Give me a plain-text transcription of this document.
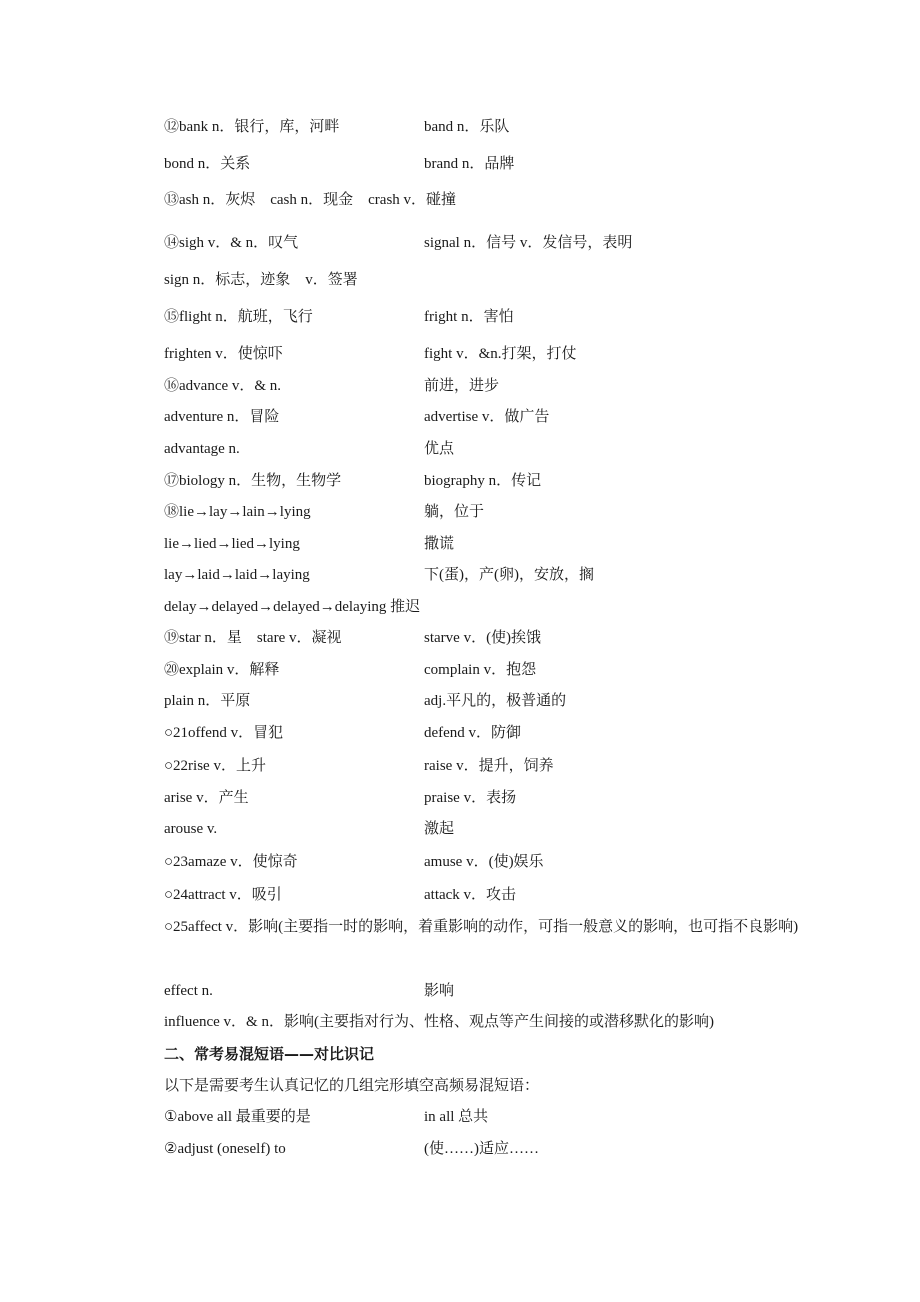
⑫bank n．银行，库，河畔	band n．乐队
bond n．关系	brand n．品牌
⑬ash n．灰烬　cash n．现金　crash v．碰撞
⑭sigh v．& n．叹气	signal n．信号 v．发信号，表明
sign n．标志，迹象　v．签署
⑮flight n．航班，飞行	fright n．害怕
frighten v．使惊吓	fight v．&n.打架，打仗
⑯advance v．& n.	前进，进步
adventure n．冒险	advertise v．做广告
advantage n.	优点
⑰biology n．生物，生物学	biography n．传记
⑱lie→lay→lain→lying	躺，位于
lie→lied→lied→lying	撒谎
lay→laid→laid→laying	下(蛋)，产(卵)，安放，搁
delay→delayed→delayed→delaying 推迟
⑲star n．星　stare v．凝视	starve v．(使)挨饿
⑳explain v．解释	complain v．抱怨
plain n．平原	adj.平凡的，极普通的
○21offend v．冒犯	defend v．防御
○22rise v．上升	raise v．提升，饲养
arise v．产生	praise v．表扬
arouse v.	激起
○23amaze v．使惊奇	amuse v．(使)娱乐
○24attract v．吸引	attack v．攻击
○25affect v．影响(主要指一时的影响，着重影响的动作，可指一般意义的影响，也可指不良影响)
effect n.	影响
influence v．& n．影响(主要指对行为、性格、观点等产生间接的或潜移默化的影响)
二、常考易混短语——对比识记
以下是需要考生认真记忆的几组完形填空高频易混短语：
①above all 最重要的是	in all 总共
②adjust (oneself) to	(使……)适应……
